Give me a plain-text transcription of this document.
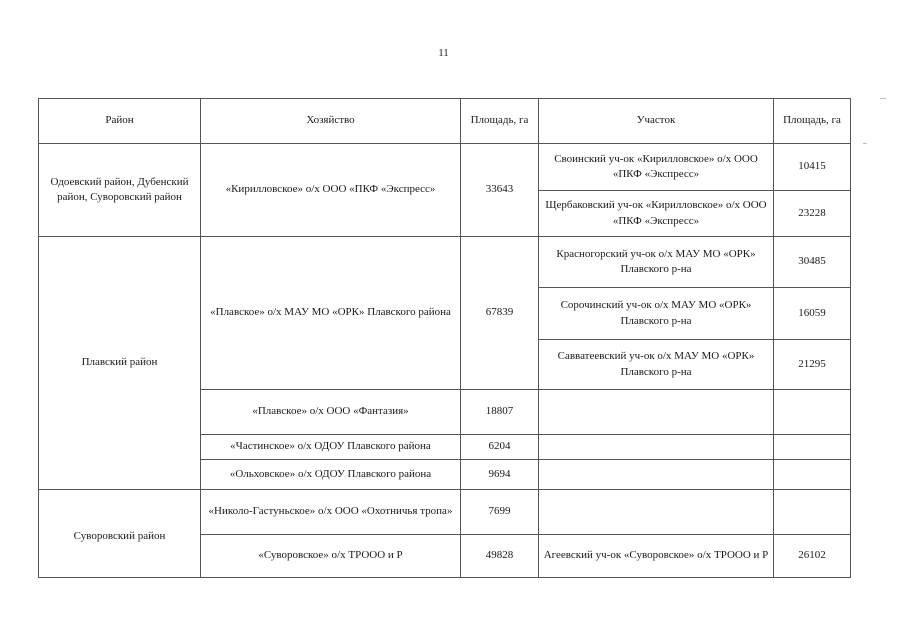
11
Район	Хозяйство	Площадь, га	Участок	Площадь, га
Одоевский район, Дубенский район, Суворовский район	«Кирилловское» о/х ООО «ПКФ «Экспресс»	33643	Своинский уч-ок «Кирилловское» о/х ООО «ПКФ «Экспресс»	10415
			Щербаковский уч-ок «Кирилловское» о/х ООО «ПКФ «Экспресс»	23228
Плавский район	«Плавское» о/х МАУ МО «ОРК» Плавского района	67839	Красногорский уч-ок о/х МАУ МО «ОРК» Плавского р-на	30485
			Сорочинский уч-ок о/х МАУ МО «ОРК» Плавского р-на	16059
			Савватеевский уч-ок о/х МАУ МО «ОРК» Плавского р-на	21295
	«Плавское» о/х ООО «Фантазия»	18807		
	«Частинское» о/х ОДОУ Плавского района	6204		
	«Ольховское» о/х ОДОУ Плавского района	9694		
Суворовский район	«Николо-Гастуньское» о/х ООО «Охотничья тропа»	7699		
	«Суворовское» о/х ТРООО и Р	49828	Агеевский уч-ок «Суворовское» о/х ТРООО и Р	26102
